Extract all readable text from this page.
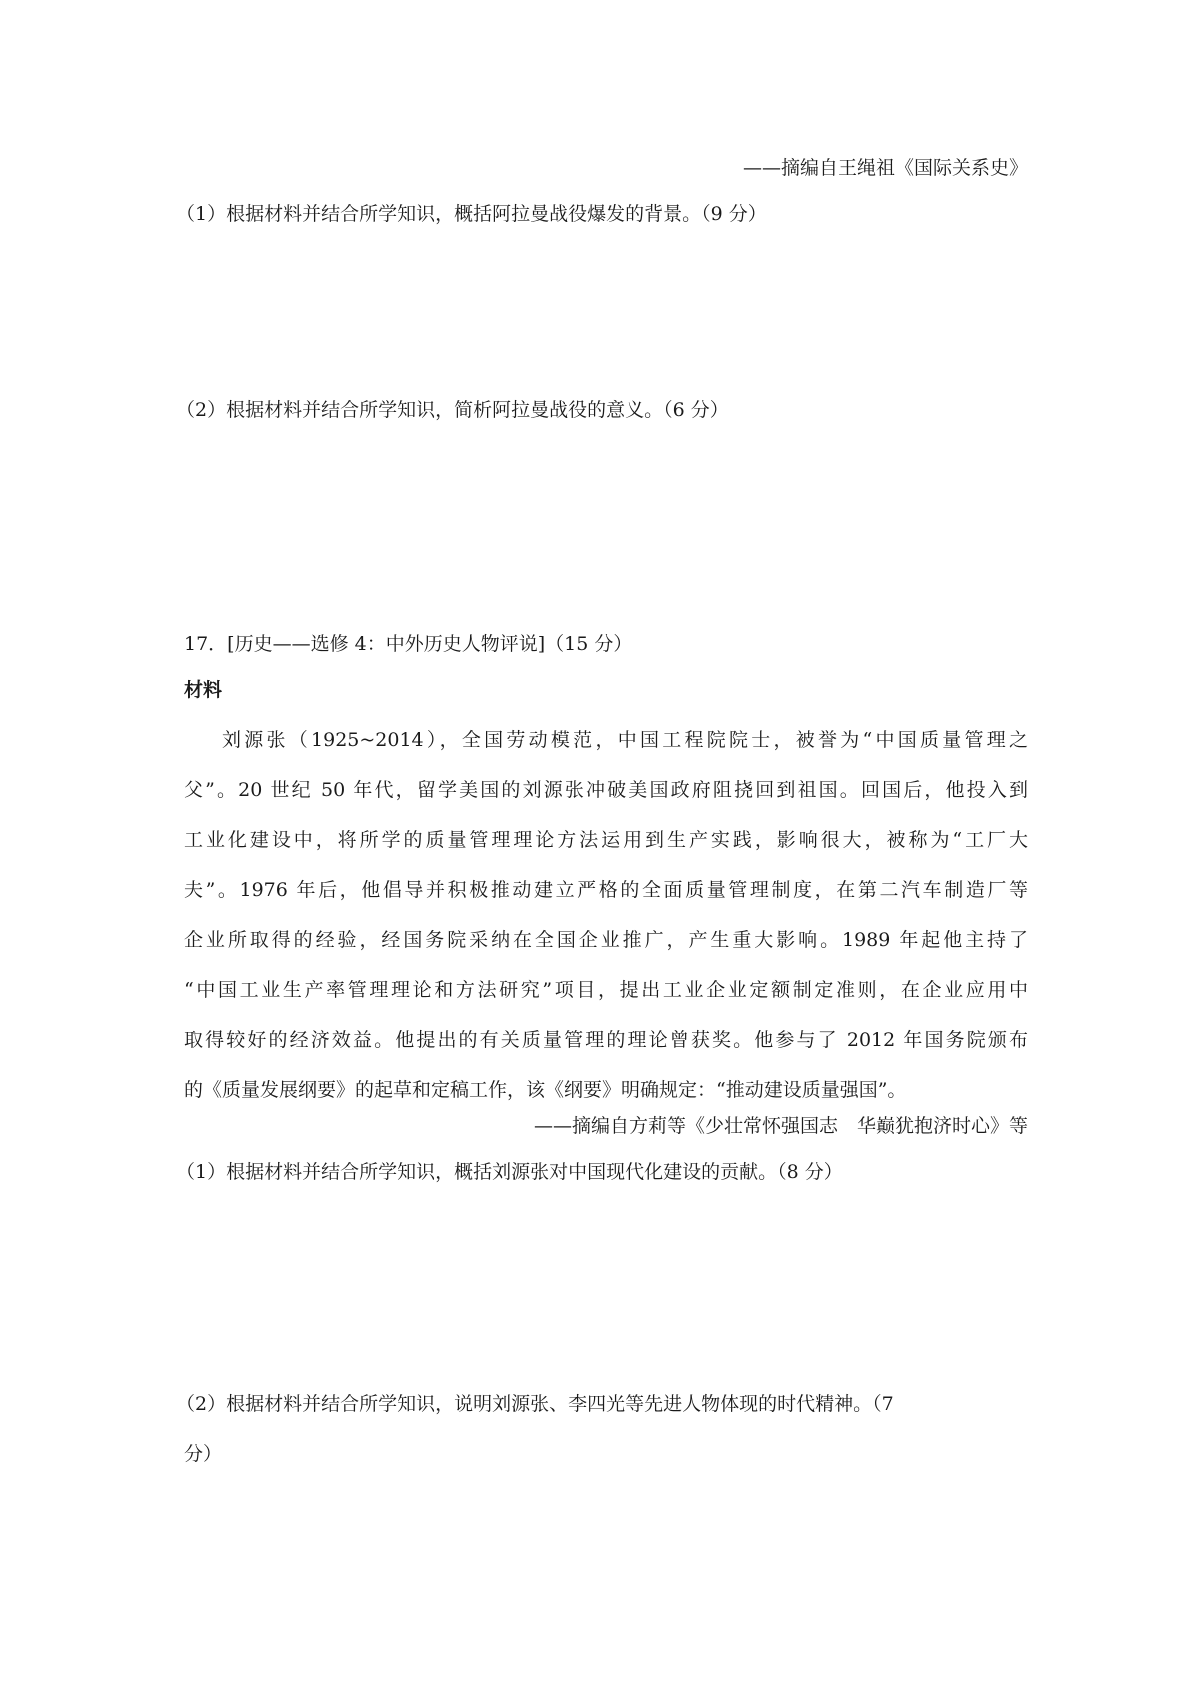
——摘编自王绳祖《国际关系史》
（1）根据材料并结合所学知识，概括阿拉曼战役爆发的背景。（9 分）
（2）根据材料并结合所学知识，简析阿拉曼战役的意义。（6 分）
17．[历史——选修 4：中外历史人物评说]（15 分）
材料
刘源张（1925~2014），全国劳动模范，中国工程院院士，被誉为“中国质量管理之
父”。20 世纪 50 年代，留学美国的刘源张冲破美国政府阻挠回到祖国。回国后，他投入到
工业化建设中，将所学的质量管理理论方法运用到生产实践，影响很大，被称为“工厂大
夫”。1976 年后，他倡导并积极推动建立严格的全面质量管理制度，在第二汽车制造厂等
企业所取得的经验，经国务院采纳在全国企业推广，产生重大影响。1989 年起他主持了
“中国工业生产率管理理论和方法研究”项目，提出工业企业定额制定准则，在企业应用中
取得较好的经济效益。他提出的有关质量管理的理论曾获奖。他参与了 2012 年国务院颁布
的《质量发展纲要》的起草和定稿工作，该《纲要》明确规定：“推动建设质量强国”。
——摘编自方莉等《少壮常怀强国志　华巅犹抱济时心》等
（1）根据材料并结合所学知识，概括刘源张对中国现代化建设的贡献。（8 分）
（2）根据材料并结合所学知识，说明刘源张、李四光等先进人物体现的时代精神。（7
分）
